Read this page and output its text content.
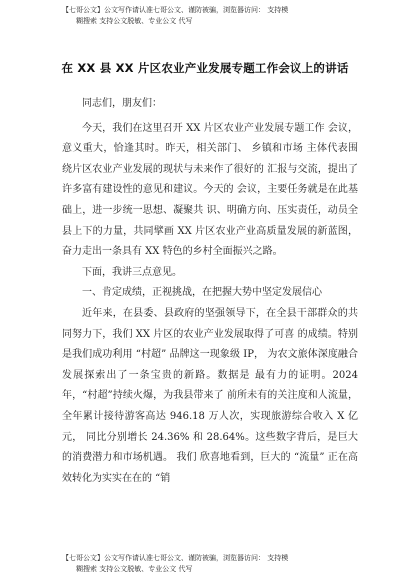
【七哥公文】公文写作请认准七哥公文、谨防被骗，浏览器访问： 支持模
糊搜索 支持公文脱敏、专业公文 代写
在 XX 县 XX 片区农业产业发展专题工作会议上的讲话

同志们，朋友们：

今天，我们在这里召开 XX 片区农业产业发展专题工作 会议，意义重大，恰逢其时。昨天，相关部门、 乡镇和市场 主体代表围绕片区农业产业发展的现状与未来作了很好的 汇报与交流，提出了许多富有建设性的意见和建议。今天的 会议，主要任务就是在此基础上，进一步统一思想、凝聚共 识、明确方向、压实责任，动员全县上下的力量，共同擘画 XX 片区农业产业高质量发展的新蓝图，奋力走出一条具有 XX 特色的乡村全面振兴之路。

下面，我讲三点意见。

一、肯定成绩，正视挑战，在把握大势中坚定发展信心

近年来，在县委、县政府的坚强领导下，在全县干部群众的共同努力下，我们 XX 片区的农业产业发展取得了可喜 的成绩。特别是我们成功利用 “村超” 品牌这一现象级 IP， 为农文旅体深度融合发展探索出了一条宝贵的新路。数据是 最有力的证明。2024 年，“村超”持续火爆，为我县带来了 前所未有的关注度和人流量，全年累计接待游客高达 946.18 万人次，实现旅游综合收入 X 亿元， 同比分别增长 24.36% 和 28.64%。这些数字背后，是巨大的消费潜力和市场机遇。 我们 欣喜地看到，巨大的 “流量” 正在高效转化为实实在在的 “销

【七哥公文】公文写作请认准七哥公文、谨防被骗，浏览器访问： 支持模
糊搜索 支持公文脱敏、专业公文 代写
